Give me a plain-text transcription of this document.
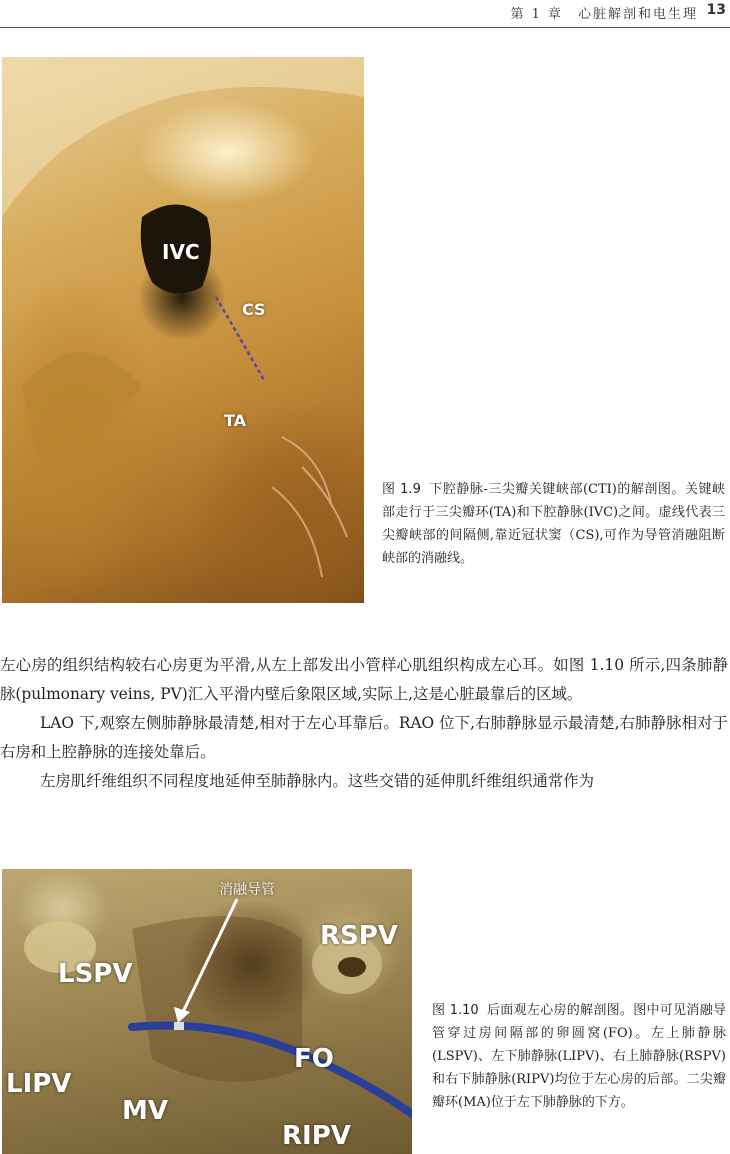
第 1 章　心脏解剖和电生理 13
IVC
CS
TA

图 1.9 下腔静脉-三尖瓣关键峡部(CTI)的解剖图。关键峡部走行于三尖瓣环(TA)和下腔静脉(IVC)之间。虚线代表三尖瓣峡部的间隔侧,靠近冠状窦（CS),可作为导管消融阻断峡部的消融线。

左心房的组织结构较右心房更为平滑,从左上部发出小管样心肌组织构成左心耳。如图 1.10 所示,四条肺静脉(pulmonary veins, PV)汇入平滑内壁后象限区域,实际上,这是心脏最靠后的区域。

LAO 下,观察左侧肺静脉最清楚,相对于左心耳靠后。RAO 位下,右肺静脉显示最清楚,右肺静脉相对于右房和上腔静脉的连接处靠后。

左房肌纤维组织不同程度地延伸至肺静脉内。这些交错的延伸肌纤维组织通常作为

消融导管
RSPV
LSPV
FO
LIPV
MV
RIPV

图 1.10 后面观左心房的解剖图。图中可见消融导管穿过房间隔部的卵圆窝(FO)。左上肺静脉(LSPV)、左下肺静脉(LIPV)、右上肺静脉(RSPV)和右下肺静脉(RIPV)均位于左心房的后部。二尖瓣瓣环(MA)位于左下肺静脉的下方。
